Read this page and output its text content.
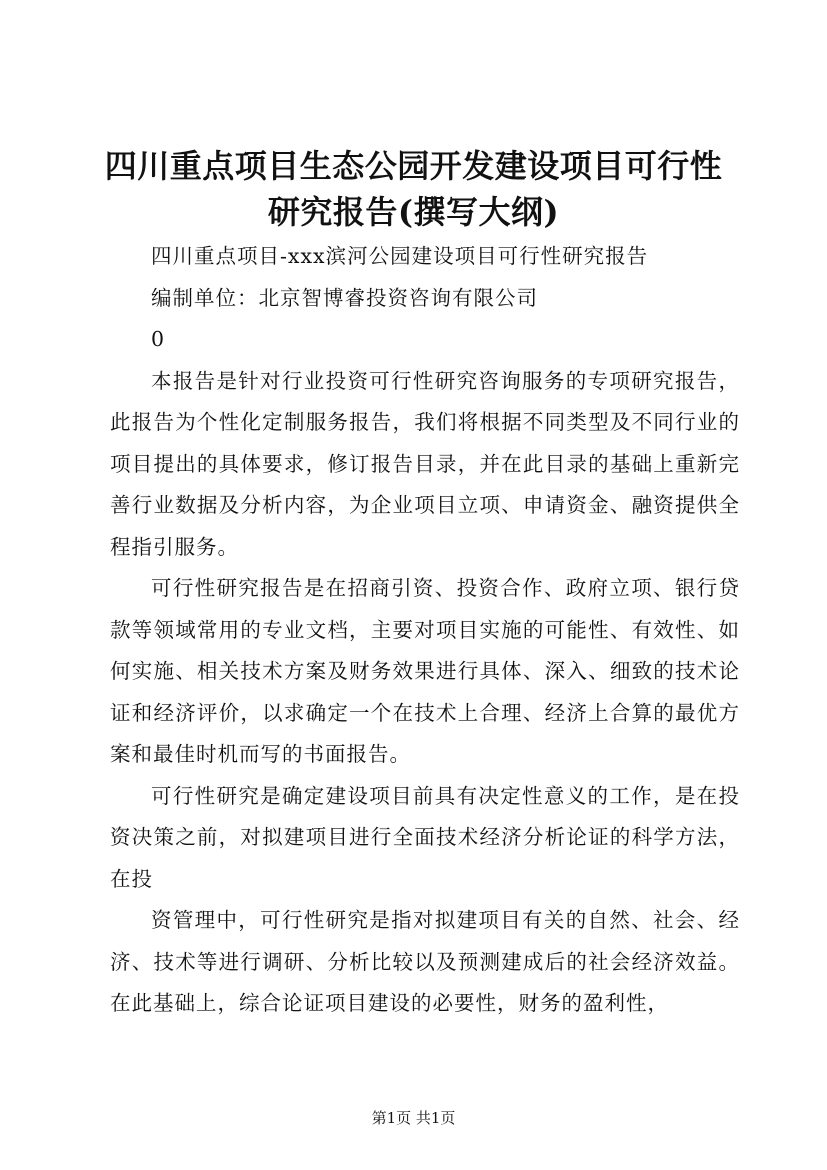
四川重点项目生态公园开发建设项目可行性研究报告(撰写大纲)

四川重点项目-xxx滨河公园建设项目可行性研究报告

编制单位：北京智博睿投资咨询有限公司

0

本报告是针对行业投资可行性研究咨询服务的专项研究报告，此报告为个性化定制服务报告，我们将根据不同类型及不同行业的项目提出的具体要求，修订报告目录，并在此目录的基础上重新完善行业数据及分析内容，为企业项目立项、申请资金、融资提供全程指引服务。

可行性研究报告是在招商引资、投资合作、政府立项、银行贷款等领域常用的专业文档，主要对项目实施的可能性、有效性、如何实施、相关技术方案及财务效果进行具体、深入、细致的技术论证和经济评价，以求确定一个在技术上合理、经济上合算的最优方案和最佳时机而写的书面报告。

可行性研究是确定建设项目前具有决定性意义的工作，是在投资决策之前，对拟建项目进行全面技术经济分析论证的科学方法，在投

资管理中，可行性研究是指对拟建项目有关的自然、社会、经济、技术等进行调研、分析比较以及预测建成后的社会经济效益。在此基础上，综合论证项目建设的必要性，财务的盈利性，

第1页 共1页
